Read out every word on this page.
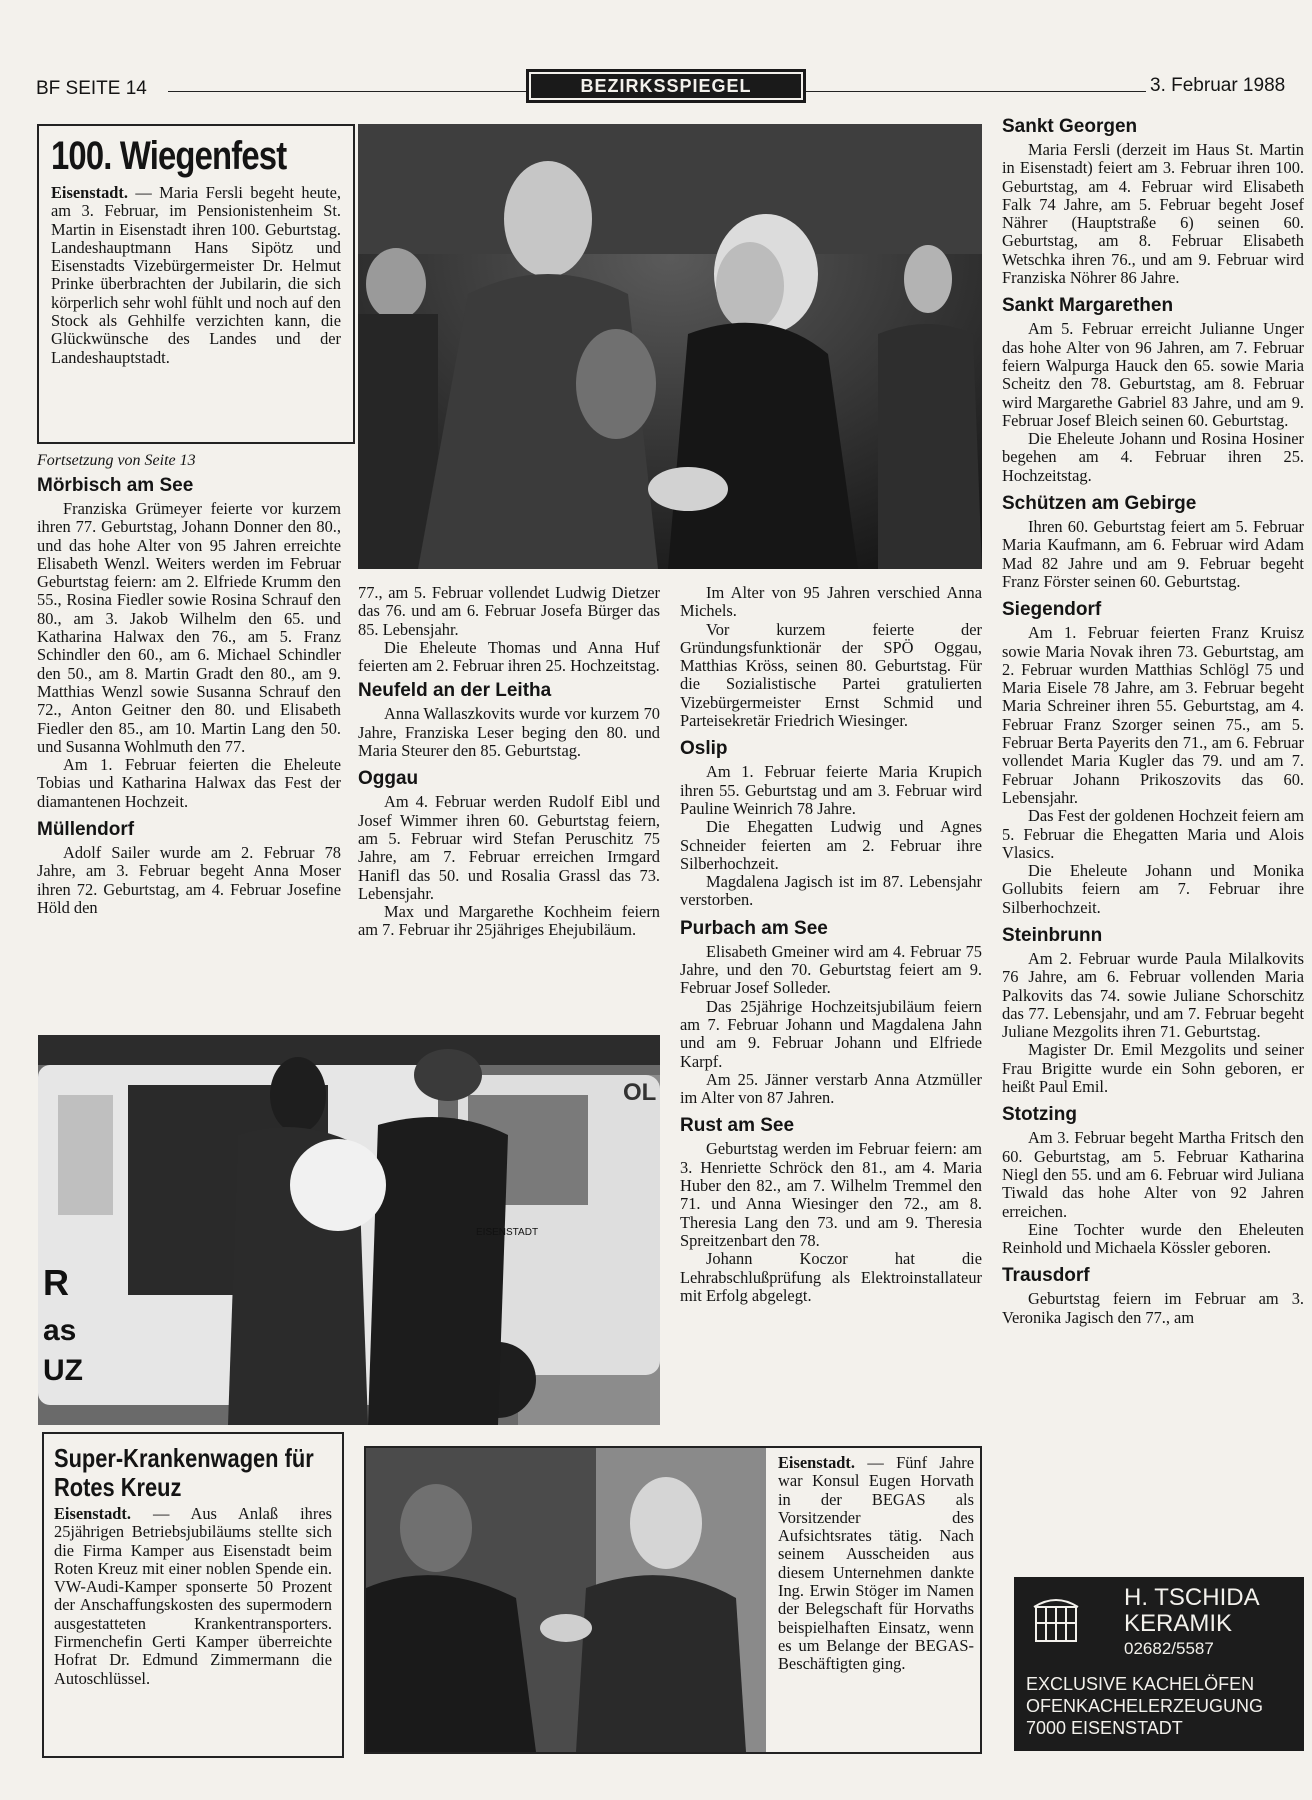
BF SEITE 14	BEZIRKSSPIEGEL	3. Februar 1988
100. Wiegenfest
Eisenstadt. — Maria Fersli begeht heute, am 3. Februar, im Pensionistenheim St. Martin in Eisenstadt ihren 100. Geburtstag. Landeshauptmann Hans Sipötz und Eisenstadts Vizebürgermeister Dr. Helmut Prinke überbrachten der Jubilarin, die sich körperlich sehr wohl fühlt und noch auf den Stock als Gehhilfe verzichten kann, die Glückwünsche des Landes und der Landeshauptstadt.
Fortsetzung von Seite 13
Mörbisch am See

Franziska Grümeyer feierte vor kurzem ihren 77. Geburtstag, Johann Donner den 80., und das hohe Alter von 95 Jahren erreichte Elisabeth Wenzl. Weiters werden im Februar Geburtstag feiern: am 2. Elfriede Krumm den 55., Rosina Fiedler sowie Rosina Schrauf den 80., am 3. Jakob Wilhelm den 65. und Katharina Halwax den 76., am 5. Franz Schindler den 60., am 6. Michael Schindler den 50., am 8. Martin Gradt den 80., am 9. Matthias Wenzl sowie Susanna Schrauf den 72., Anton Geitner den 80. und Elisabeth Fiedler den 85., am 10. Martin Lang den 50. und Susanna Wohlmuth den 77.

Am 1. Februar feierten die Eheleute Tobias und Katharina Halwax das Fest der diamantenen Hochzeit.

Müllendorf

Adolf Sailer wurde am 2. Februar 78 Jahre, am 3. Februar begeht Anna Moser ihren 72. Geburtstag, am 4. Februar Josefine Höld den

77., am 5. Februar vollendet Ludwig Dietzer das 76. und am 6. Februar Josefa Bürger das 85. Lebensjahr.

Die Eheleute Thomas und Anna Huf feierten am 2. Februar ihren 25. Hochzeitstag.

Neufeld an der Leitha

Anna Wallaszkovits wurde vor kurzem 70 Jahre, Franziska Leser beging den 80. und Maria Steurer den 85. Geburtstag.

Oggau

Am 4. Februar werden Rudolf Eibl und Josef Wimmer ihren 60. Geburtstag feiern, am 5. Februar wird Stefan Peruschitz 75 Jahre, am 7. Februar erreichen Irmgard Hanifl das 50. und Rosalia Grassl das 73. Lebensjahr.

Max und Margarethe Kochheim feiern am 7. Februar ihr 25jähriges Ehejubiläum.

Im Alter von 95 Jahren verschied Anna Michels.

Vor kurzem feierte der Gründungsfunktionär der SPÖ Oggau, Matthias Kröss, seinen 80. Geburtstag. Für die Sozialistische Partei gratulierten Vizebürgermeister Ernst Schmid und Parteisekretär Friedrich Wiesinger.

Oslip

Am 1. Februar feierte Maria Krupich ihren 55. Geburtstag und am 3. Februar wird Pauline Weinrich 78 Jahre.

Die Ehegatten Ludwig und Agnes Schneider feierten am 2. Februar ihre Silberhochzeit.

Magdalena Jagisch ist im 87. Lebensjahr verstorben.

Purbach am See

Elisabeth Gmeiner wird am 4. Februar 75 Jahre, und den 70. Geburtstag feiert am 9. Februar Josef Solleder.

Das 25jährige Hochzeitsjubiläum feiern am 7. Februar Johann und Magdalena Jahn und am 9. Februar Johann und Elfriede Karpf.

Am 25. Jänner verstarb Anna Atzmüller im Alter von 87 Jahren.

Rust am See

Geburtstag werden im Februar feiern: am 3. Henriette Schröck den 81., am 4. Maria Huber den 82., am 7. Wilhelm Tremmel den 71. und Anna Wiesinger den 72., am 8. Theresia Lang den 73. und am 9. Theresia Spreitzenbart den 78.

Johann Koczor hat die Lehrabschlußprüfung als Elektroinstallateur mit Erfolg abgelegt.

Sankt Georgen

Maria Fersli (derzeit im Haus St. Martin in Eisenstadt) feiert am 3. Februar ihren 100. Geburtstag, am 4. Februar wird Elisabeth Falk 74 Jahre, am 5. Februar begeht Josef Nährer (Hauptstraße 6) seinen 60. Geburtstag, am 8. Februar Elisabeth Wetschka ihren 76., und am 9. Februar wird Franziska Nöhrer 86 Jahre.

Sankt Margarethen

Am 5. Februar erreicht Julianne Unger das hohe Alter von 96 Jahren, am 7. Februar feiern Walpurga Hauck den 65. sowie Maria Scheitz den 78. Geburtstag, am 8. Februar wird Margarethe Gabriel 83 Jahre, und am 9. Februar Josef Bleich seinen 60. Geburtstag.

Die Eheleute Johann und Rosina Hosiner begehen am 4. Februar ihren 25. Hochzeitstag.

Schützen am Gebirge

Ihren 60. Geburtstag feiert am 5. Februar Maria Kaufmann, am 6. Februar wird Adam Mad 82 Jahre und am 9. Februar begeht Franz Förster seinen 60. Geburtstag.

Siegendorf

Am 1. Februar feierten Franz Kruisz sowie Maria Novak ihren 73. Geburtstag, am 2. Februar wurden Matthias Schlögl 75 und Maria Eisele 78 Jahre, am 3. Februar begeht Maria Schreiner ihren 55. Geburtstag, am 4. Februar Franz Szorger seinen 75., am 5. Februar Berta Payerits den 71., am 6. Februar vollendet Maria Kugler das 79. und am 7. Februar Johann Prikoszovits das 60. Lebensjahr.

Das Fest der goldenen Hochzeit feiern am 5. Februar die Ehegatten Maria und Alois Vlasics.

Die Eheleute Johann und Monika Gollubits feiern am 7. Februar ihre Silberhochzeit.

Steinbrunn

Am 2. Februar wurde Paula Milalkovits 76 Jahre, am 6. Februar vollenden Maria Palkovits das 74. sowie Juliane Schorschitz das 77. Lebensjahr, und am 7. Februar begeht Juliane Mezgolits ihren 71. Geburtstag.

Magister Dr. Emil Mezgolits und seiner Frau Brigitte wurde ein Sohn geboren, er heißt Paul Emil.

Stotzing

Am 3. Februar begeht Martha Fritsch den 60. Geburtstag, am 5. Februar Katharina Niegl den 55. und am 6. Februar wird Juliana Tiwald das hohe Alter von 92 Jahren erreichen.

Eine Tochter wurde den Eheleuten Reinhold und Michaela Kössler geboren.

Trausdorf

Geburtstag feiern im Februar am 3. Veronika Jagisch den 77., am

R
as
UZ
EISENSTADT
OL
Super-Krankenwagen für Rotes Kreuz
Eisenstadt. — Aus Anlaß ihres 25jährigen Betriebsjubiläums stellte sich die Firma Kamper aus Eisenstadt beim Roten Kreuz mit einer noblen Spende ein. VW-Audi-Kamper sponserte 50 Prozent der Anschaffungskosten des supermodern ausgestatteten Krankentransporters. Firmenchefin Gerti Kamper überreichte Hofrat Dr. Edmund Zimmermann die Autoschlüssel.
Eisenstadt. — Fünf Jahre war Konsul Eugen Horvath in der BEGAS als Vorsitzender des Aufsichtsrates tätig. Nach seinem Ausscheiden aus diesem Unternehmen dankte Ing. Erwin Stöger im Namen der Belegschaft für Horvaths beispielhaften Einsatz, wenn es um Belange der BEGAS-Beschäftigten ging.
H. TSCHIDA
KERAMIK
02682/5587
EXCLUSIVE KACHELÖFEN
OFENKACHELERZEUGUNG
7000 EISENSTADT
